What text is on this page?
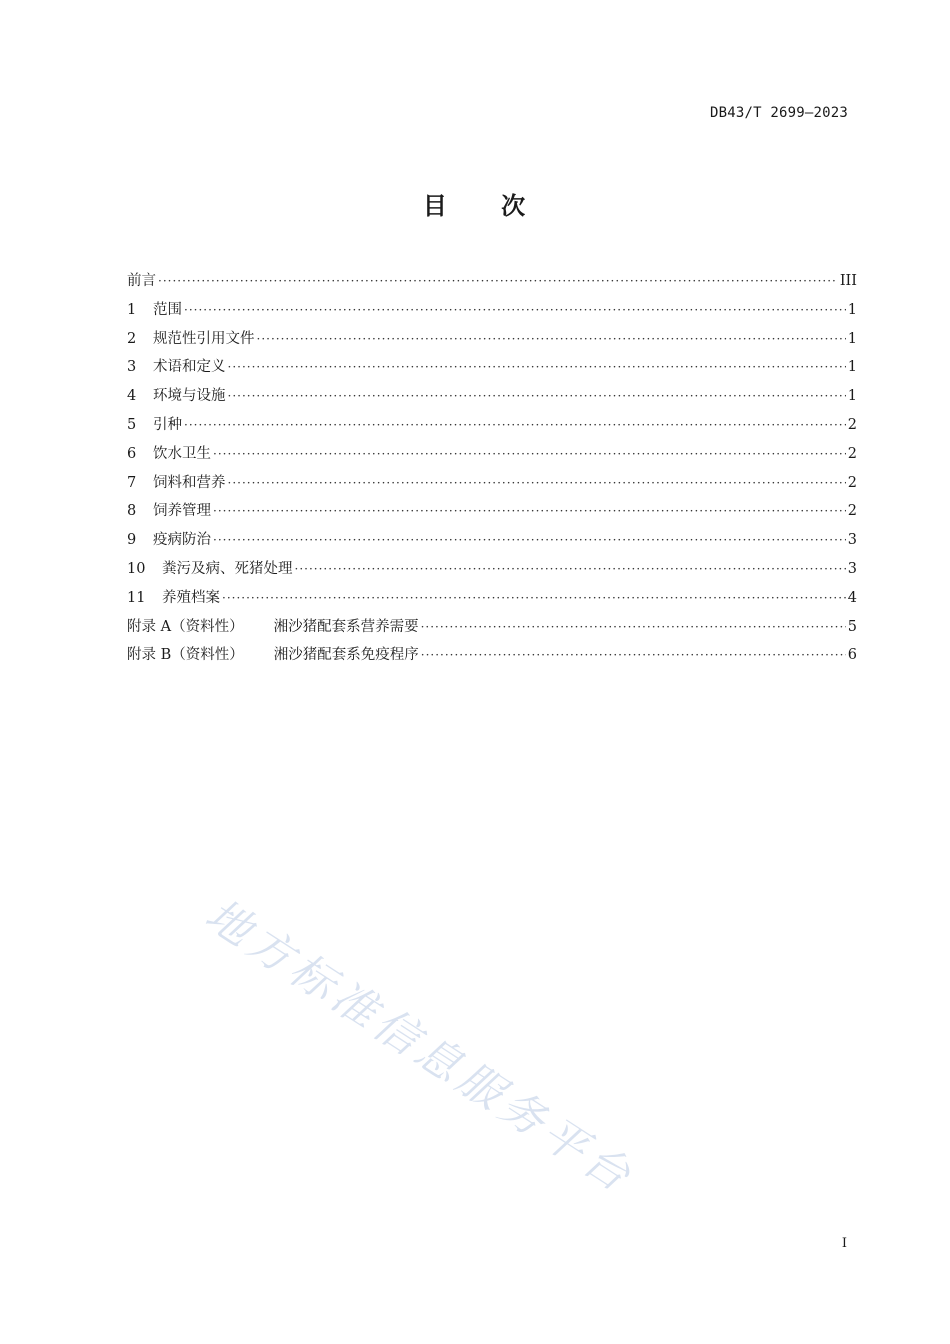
DB43/T 2699—2023
目 次
前言 ·····	III
1	范围 ·····	1
2	规范性引用文件 ·····	1
3	术语和定义 ·····	1
4	环境与设施 ·····	1
5	引种 ·····	2
6	饮水卫生 ·····	2
7	饲料和营养 ·····	2
8	饲养管理 ·····	2
9	疫病防治 ·····	3
10	粪污及病、死猪处理 ·····	3
11	养殖档案 ·····	4
附录 A（资料性） 湘沙猪配套系营养需要 ·····	5
附录 B（资料性） 湘沙猪配套系免疫程序 ·····	6
地方标准信息服务平台
I
